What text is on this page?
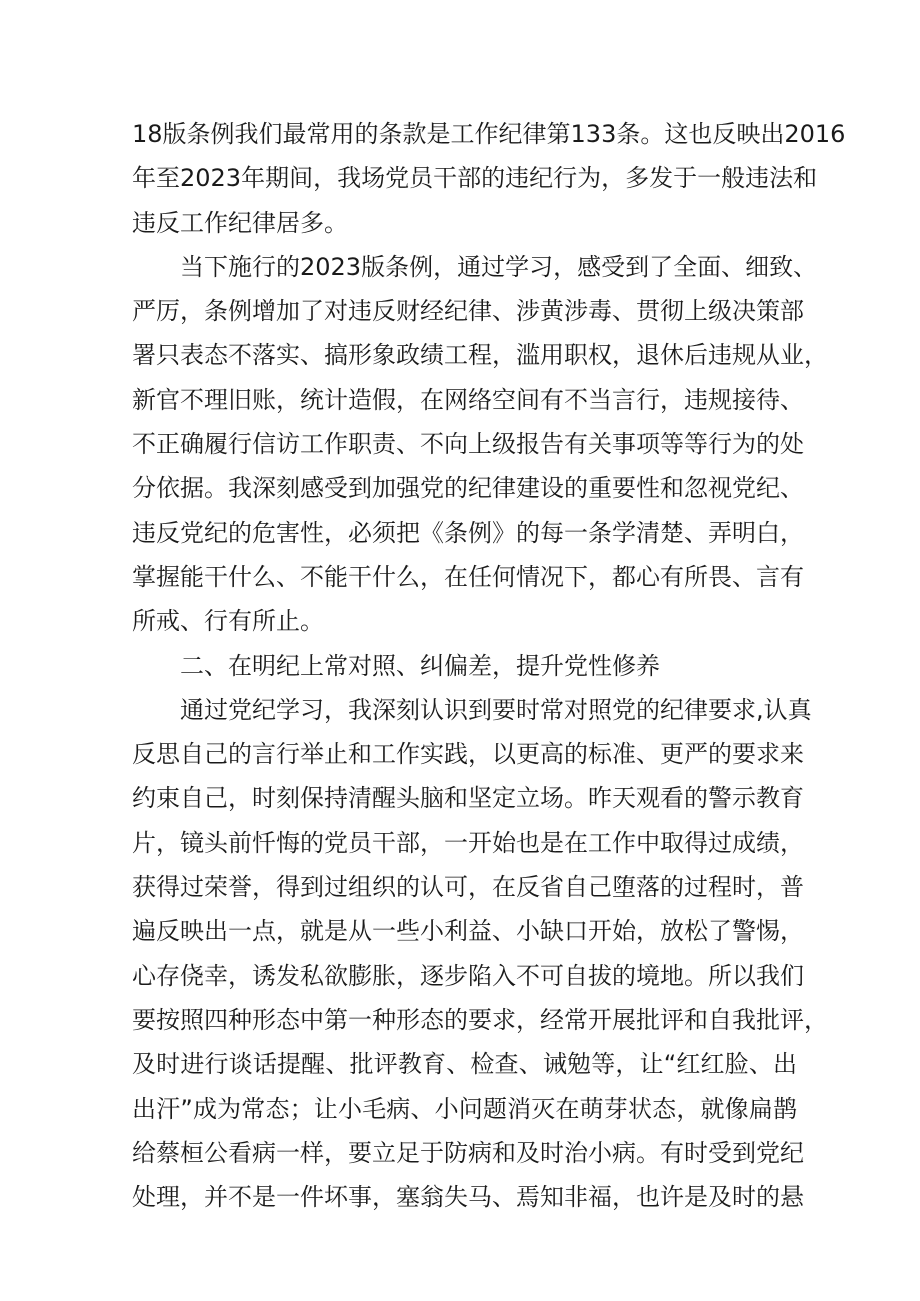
18版条例我们最常用的条款是工作纪律第133条。这也反映出2016
年至2023年期间，我场党员干部的违纪行为，多发于一般违法和
违反工作纪律居多。
当下施行的2023版条例，通过学习，感受到了全面、细致、
严厉，条例增加了对违反财经纪律、涉黄涉毒、贯彻上级决策部
署只表态不落实、搞形象政绩工程，滥用职权，退休后违规从业，
新官不理旧账，统计造假，在网络空间有不当言行，违规接待、
不正确履行信访工作职责、不向上级报告有关事项等等行为的处
分依据。我深刻感受到加强党的纪律建设的重要性和忽视党纪、
违反党纪的危害性，必须把《条例》的每一条学清楚、弄明白，
掌握能干什么、不能干什么，在任何情况下，都心有所畏、言有
所戒、行有所止。
二、在明纪上常对照、纠偏差，提升党性修养
通过党纪学习，我深刻认识到要时常对照党的纪律要求,认真
反思自己的言行举止和工作实践，以更高的标准、更严的要求来
约束自己，时刻保持清醒头脑和坚定立场。昨天观看的警示教育
片，镜头前忏悔的党员干部，一开始也是在工作中取得过成绩，
获得过荣誉，得到过组织的认可，在反省自己堕落的过程时，普
遍反映出一点，就是从一些小利益、小缺口开始，放松了警惕，
心存侥幸，诱发私欲膨胀，逐步陷入不可自拔的境地。所以我们
要按照四种形态中第一种形态的要求，经常开展批评和自我批评，
及时进行谈话提醒、批评教育、检查、诫勉等，让“红红脸、出
出汗”成为常态；让小毛病、小问题消灭在萌芽状态，就像扁鹊
给蔡桓公看病一样，要立足于防病和及时治小病。有时受到党纪
处理，并不是一件坏事，塞翁失马、焉知非福，也许是及时的悬
